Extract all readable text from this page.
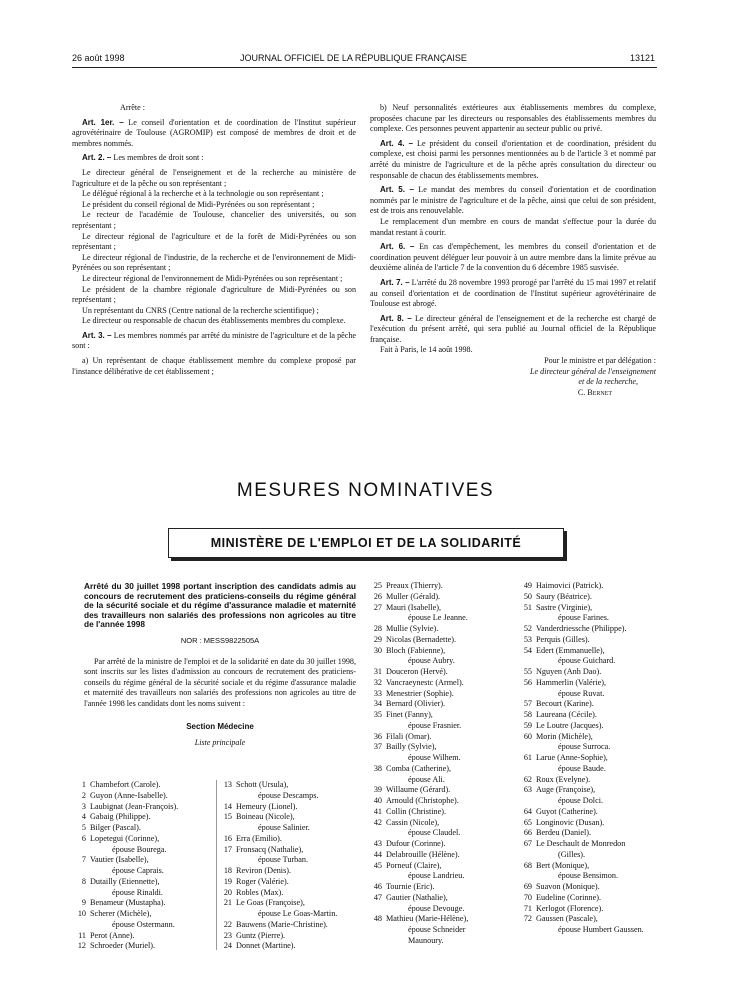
26 août 1998	JOURNAL OFFICIEL DE LA RÉPUBLIQUE FRANÇAISE	13121

Arrête :

Art. 1er. – Le conseil d'orientation et de coordination de l'Institut supérieur agrovétérinaire de Toulouse (AGROMIP) est composé de membres de droit et de membres nommés.

Art. 2. – Les membres de droit sont :

Le directeur général de l'enseignement et de la recherche au ministère de l'agriculture et de la pêche ou son représentant ;

Le délégué régional à la recherche et à la technologie ou son représentant ;

Le président du conseil régional de Midi-Pyrénées ou son représentant ;

Le recteur de l'académie de Toulouse, chancelier des universités, ou son représentant ;

Le directeur régional de l'agriculture et de la forêt de Midi-Pyrénées ou son représentant ;

Le directeur régional de l'industrie, de la recherche et de l'environnement de Midi-Pyrénées ou son représentant ;

Le directeur régional de l'environnement de Midi-Pyrénées ou son représentant ;

Le président de la chambre régionale d'agriculture de Midi-Pyrénées ou son représentant ;

Un représentant du CNRS (Centre national de la recherche scientifique) ;

Le directeur ou responsable de chacun des établissements membres du complexe.

Art. 3. – Les membres nommés par arrêté du ministre de l'agriculture et de la pêche sont :

a) Un représentant de chaque établissement membre du complexe proposé par l'instance délibérative de cet établissement ;

b) Neuf personnalités extérieures aux établissements membres du complexe, proposées chacune par les directeurs ou responsables des établissements membres du complexe. Ces personnes peuvent appartenir au secteur public ou privé.

Art. 4. – Le président du conseil d'orientation et de coordination, président du complexe, est choisi parmi les personnes mentionnées au b de l'article 3 et nommé par arrêté du ministre de l'agriculture et de la pêche après consultation du directeur ou responsable de chacun des établissements membres.

Art. 5. – Le mandat des membres du conseil d'orientation et de coordination nommés par le ministre de l'agriculture et de la pêche, ainsi que celui de son président, est de trois ans renouvelable.

Le remplacement d'un membre en cours de mandat s'effectue pour la durée du mandat restant à courir.

Art. 6. – En cas d'empêchement, les membres du conseil d'orientation et de coordination peuvent déléguer leur pouvoir à un autre membre dans la limite prévue au deuxième alinéa de l'article 7 de la convention du 6 décembre 1985 susvisée.

Art. 7. – L'arrêté du 28 novembre 1993 prorogé par l'arrêté du 15 mai 1997 et relatif au conseil d'orientation et de coordination de l'Institut supérieur agrovétérinaire de Toulouse est abrogé.

Art. 8. – Le directeur général de l'enseignement et de la recherche est chargé de l'exécution du présent arrêté, qui sera publié au Journal officiel de la République française.

Fait à Paris, le 14 août 1998.

Pour le ministre et par délégation :

Le directeur général de l'enseignement

et de la recherche,

C. Bernet

MESURES NOMINATIVES
MINISTÈRE DE L'EMPLOI ET DE LA SOLIDARITÉ
Arrêté du 30 juillet 1998 portant inscription des candidats admis au concours de recrutement des praticiens-conseils du régime général de la sécurité sociale et du régime d'assurance maladie et maternité des travailleurs non salariés des professions non agricoles au titre de l'année 1998
NOR : MESS9822505A

Par arrêté de la ministre de l'emploi et de la solidarité en date du 30 juillet 1998, sont inscrits sur les listes d'admission au concours de recrutement des praticiens-conseils du régime général de la sécurité sociale et du régime d'assurance maladie et maternité des travailleurs non salariés des professions non agricoles au titre de l'année 1998 les candidats dont les noms suivent :

Section Médecine
Liste principale
1 Chambefort (Carole).
2 Guyon (Anne-Isabelle).
3 Laubignat (Jean-François).
4 Gabaig (Philippe).
5 Bilger (Pascal).
6 Lopetegui (Corinne),
épouse Bourega.
7 Vautier (Isabelle),
épouse Caprais.
8 Dutailly (Etiennette),
épouse Rinaldi.
9 Benameur (Mustapha).
10 Scherer (Michèle),
épouse Ostermann.
11 Perot (Anne).
12 Schroeder (Muriel).
13 Schott (Ursula),
épouse Descamps.
14 Hemeury (Lionel).
15 Boineau (Nicole),
épouse Salinier.
16 Erra (Emilio).
17 Fronsacq (Nathalie),
épouse Turban.
18 Reviron (Denis).
19 Roger (Valérie).
20 Robles (Max).
21 Le Goas (Françoise),
épouse Le Goas-Martin.
22 Bauwens (Marie-Christine).
23 Guntz (Pierre).
24 Donnet (Martine).
25 Preaux (Thierry).
26 Muller (Gérald).
27 Mauri (Isabelle),
épouse Le Jeanne.
28 Mullie (Sylvie).
29 Nicolas (Bernadette).
30 Bloch (Fabienne),
épouse Aubry.
31 Douceron (Hervé).
32 Vancraeynestc (Armel).
33 Menestrier (Sophie).
34 Bernard (Olivier).
35 Finet (Fanny),
épouse Frasnier.
36 Filali (Omar).
37 Bailly (Sylvie),
épouse Wilhem.
38 Comba (Catherine),
épouse Ali.
39 Willaume (Gérard).
40 Arnould (Christophe).
41 Collin (Christine).
42 Cassin (Nicole),
épouse Claudel.
43 Dufour (Corinne).
44 Delabrouille (Hélène).
45 Porneuf (Claire),
épouse Landrieu.
46 Tournie (Eric).
47 Gautier (Nathalie),
épouse Devouge.
48 Mathieu (Marie-Hélène),
épouse Schneider
Maunoury.
49 Haimovici (Patrick).
50 Saury (Béatrice).
51 Sastre (Virginie),
épouse Farines.
52 Vanderdriessche (Philippe).
53 Perquis (Gilles).
54 Edert (Emmanuelle),
épouse Guichard.
55 Nguyen (Anh Dao).
56 Hammerlin (Valérie),
épouse Ruvat.
57 Becourt (Karine).
58 Laureana (Cécile).
59 Le Loutre (Jacques).
60 Morin (Michèle),
épouse Surroca.
61 Larue (Anne-Sophie),
épouse Baude.
62 Roux (Evelyne).
63 Auge (Françoise),
épouse Dolci.
64 Guyot (Catherine).
65 Longinovic (Dusan).
66 Berdeu (Daniel).
67 Le Deschault de Monredon
(Gilles).
68 Bert (Monique),
épouse Bensimon.
69 Suavon (Monique).
70 Eudeline (Corinne).
71 Kerlogot (Florence).
72 Gaussen (Pascale),
épouse Humbert Gaussen.
